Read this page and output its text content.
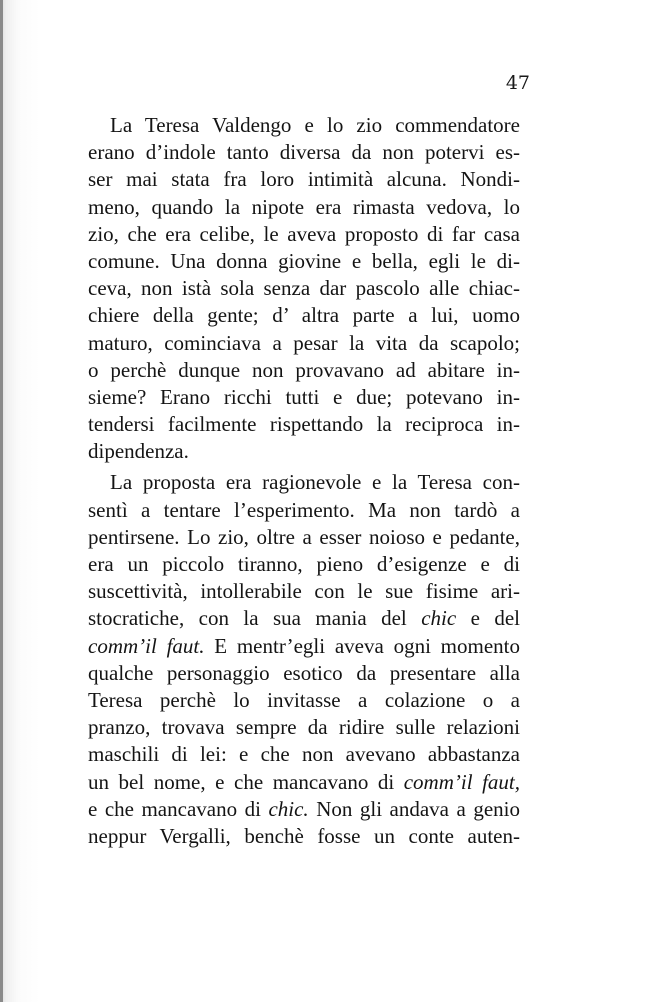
47
La Teresa Valdengo e lo zio commendatore
erano d’indole tanto diversa da non potervi es-
ser mai stata fra loro intimità alcuna. Nondi-
meno, quando la nipote era rimasta vedova, lo
zio, che era celibe, le aveva proposto di far casa
comune. Una donna giovine e bella, egli le di-
ceva, non istà sola senza dar pascolo alle chiac-
chiere della gente; d’ altra parte a lui, uomo
maturo, cominciava a pesar la vita da scapolo;
o perchè dunque non provavano ad abitare in-
sieme? Erano ricchi tutti e due; potevano in-
tendersi facilmente rispettando la reciproca in-
dipendenza.
La proposta era ragionevole e la Teresa con-
sentì a tentare l’esperimento. Ma non tardò a
pentirsene. Lo zio, oltre a esser noioso e pedante,
era un piccolo tiranno, pieno d’esigenze e di
suscettività, intollerabile con le sue fisime ari-
stocratiche, con la sua mania del chic e del
comm’il faut. E mentr’egli aveva ogni momento
qualche personaggio esotico da presentare alla
Teresa perchè lo invitasse a colazione o a
pranzo, trovava sempre da ridire sulle relazioni
maschili di lei: e che non avevano abbastanza
un bel nome, e che mancavano di comm’il faut,
e che mancavano di chic. Non gli andava a genio
neppur Vergalli, benchè fosse un conte auten-
